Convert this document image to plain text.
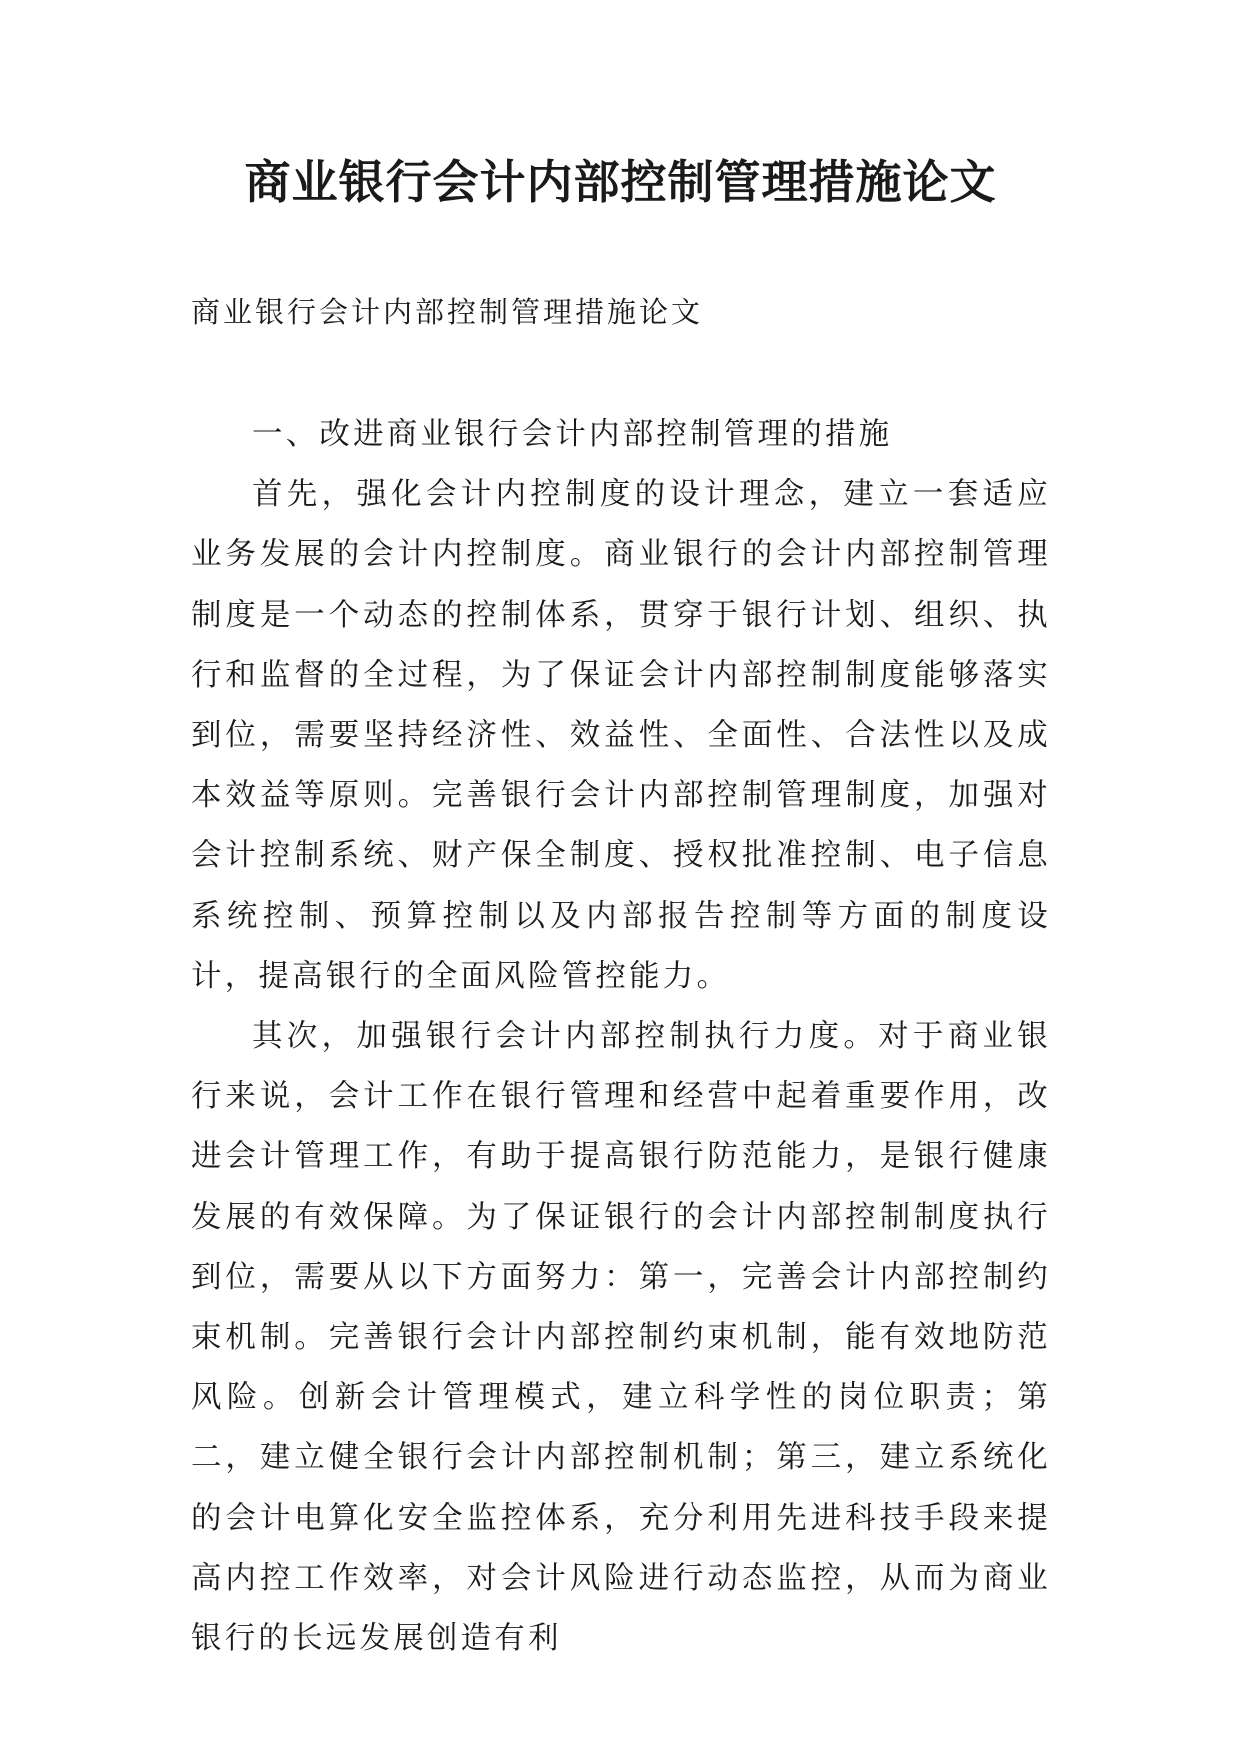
商业银行会计内部控制管理措施论文
商业银行会计内部控制管理措施论文

一、改进商业银行会计内部控制管理的措施

首先，强化会计内控制度的设计理念，建立一套适应业务发展的会计内控制度。商业银行的会计内部控制管理制度是一个动态的控制体系，贯穿于银行计划、组织、执行和监督的全过程，为了保证会计内部控制制度能够落实到位，需要坚持经济性、效益性、全面性、合法性以及成本效益等原则。完善银行会计内部控制管理制度，加强对会计控制系统、财产保全制度、授权批准控制、电子信息系统控制、预算控制以及内部报告控制等方面的制度设计，提高银行的全面风险管控能力。

其次，加强银行会计内部控制执行力度。对于商业银行来说，会计工作在银行管理和经营中起着重要作用，改进会计管理工作，有助于提高银行防范能力，是银行健康发展的有效保障。为了保证银行的会计内部控制制度执行到位，需要从以下方面努力：第一，完善会计内部控制约束机制。完善银行会计内部控制约束机制，能有效地防范风险。创新会计管理模式，建立科学性的岗位职责；第二，建立健全银行会计内部控制机制；第三，建立系统化的会计电算化安全监控体系，充分利用先进科技手段来提高内控工作效率，对会计风险进行动态监控，从而为商业银行的长远发展创造有利
